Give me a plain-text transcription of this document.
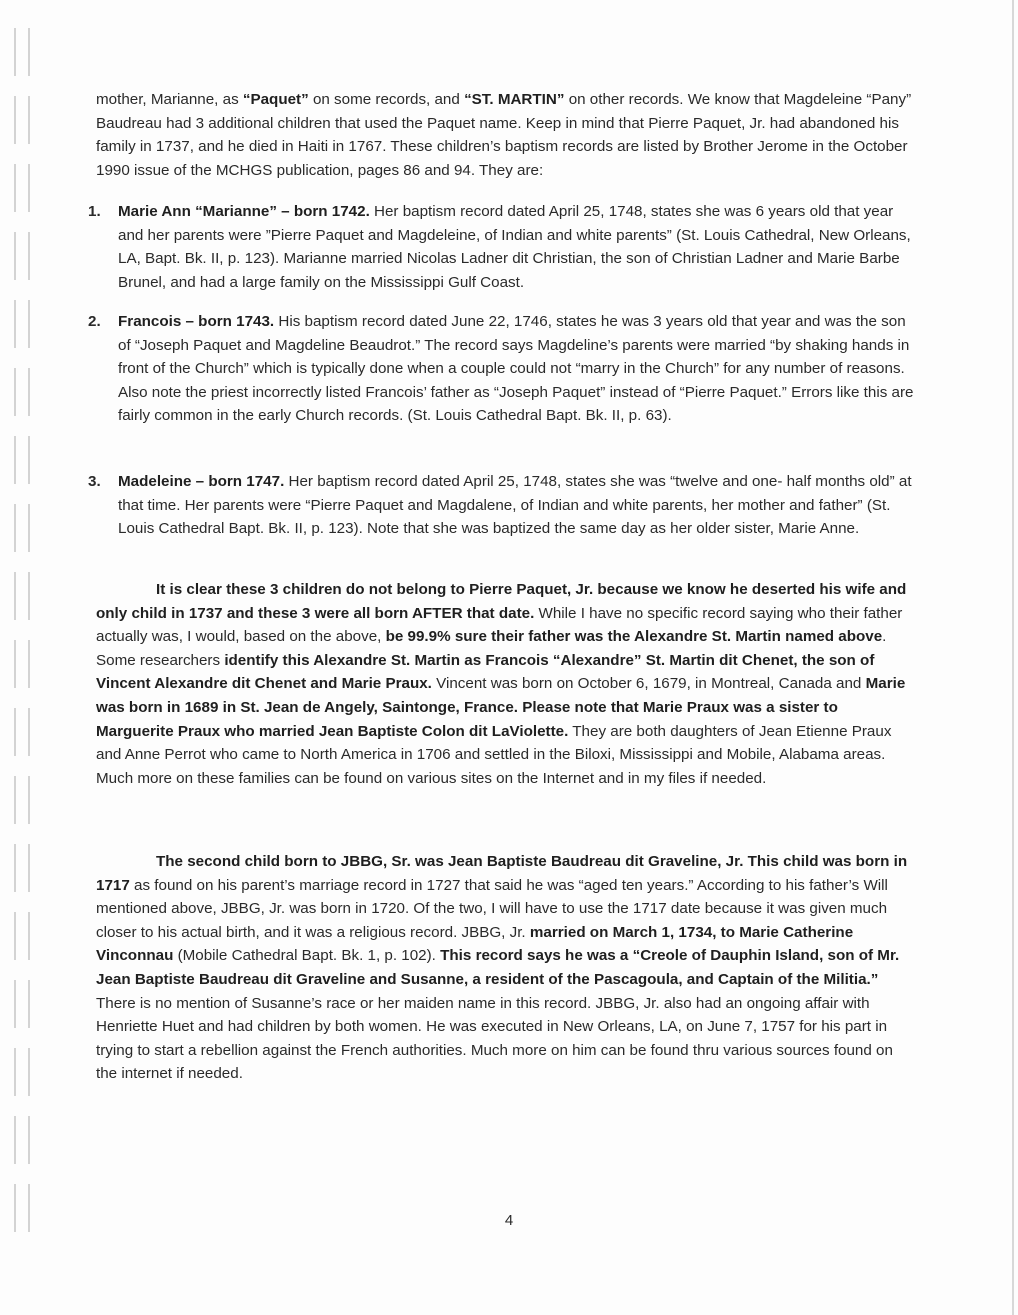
mother, Marianne, as “Paquet” on some records, and “ST. MARTIN” on other records. We know that Magdeleine “Pany” Baudreau had 3 additional children that used the Paquet name. Keep in mind that Pierre Paquet, Jr. had abandoned his family in 1737, and he died in Haiti in 1767. These children’s baptism records are listed by Brother Jerome in the October 1990 issue of the MCHGS publication, pages 86 and 94. They are:

1. Marie Ann “Marianne” – born 1742. Her baptism record dated April 25, 1748, states she was 6 years old that year and her parents were ”Pierre Paquet and Magdeleine, of Indian and white parents” (St. Louis Cathedral, New Orleans, LA, Bapt. Bk. II, p. 123). Marianne married Nicolas Ladner dit Christian, the son of Christian Ladner and Marie Barbe Brunel, and had a large family on the Mississippi Gulf Coast.
2. Francois – born 1743. His baptism record dated June 22, 1746, states he was 3 years old that year and was the son of “Joseph Paquet and Magdeline Beaudrot.” The record says Magdeline’s parents were married “by shaking hands in front of the Church” which is typically done when a couple could not “marry in the Church” for any number of reasons. Also note the priest incorrectly listed Francois’ father as “Joseph Paquet” instead of “Pierre Paquet.” Errors like this are fairly common in the early Church records. (St. Louis Cathedral Bapt. Bk. II, p. 63).
3. Madeleine – born 1747. Her baptism record dated April 25, 1748, states she was “twelve and one- half months old” at that time. Her parents were “Pierre Paquet and Magdalene, of Indian and white parents, her mother and father” (St. Louis Cathedral Bapt. Bk. II, p. 123). Note that she was baptized the same day as her older sister, Marie Anne.

It is clear these 3 children do not belong to Pierre Paquet, Jr. because we know he deserted his wife and only child in 1737 and these 3 were all born AFTER that date. While I have no specific record saying who their father actually was, I would, based on the above, be 99.9% sure their father was the Alexandre St. Martin named above. Some researchers identify this Alexandre St. Martin as Francois “Alexandre” St. Martin dit Chenet, the son of Vincent Alexandre dit Chenet and Marie Praux. Vincent was born on October 6, 1679, in Montreal, Canada and Marie was born in 1689 in St. Jean de Angely, Saintonge, France. Please note that Marie Praux was a sister to Marguerite Praux who married Jean Baptiste Colon dit LaViolette. They are both daughters of Jean Etienne Praux and Anne Perrot who came to North America in 1706 and settled in the Biloxi, Mississippi and Mobile, Alabama areas. Much more on these families can be found on various sites on the Internet and in my files if needed.

The second child born to JBBG, Sr. was Jean Baptiste Baudreau dit Graveline, Jr. This child was born in 1717 as found on his parent’s marriage record in 1727 that said he was “aged ten years.” According to his father’s Will mentioned above, JBBG, Jr. was born in 1720. Of the two, I will have to use the 1717 date because it was given much closer to his actual birth, and it was a religious record. JBBG, Jr. married on March 1, 1734, to Marie Catherine Vinconnau (Mobile Cathedral Bapt. Bk. 1, p. 102). This record says he was a “Creole of Dauphin Island, son of Mr. Jean Baptiste Baudreau dit Graveline and Susanne, a resident of the Pascagoula, and Captain of the Militia.” There is no mention of Susanne’s race or her maiden name in this record. JBBG, Jr. also had an ongoing affair with Henriette Huet and had children by both women. He was executed in New Orleans, LA, on June 7, 1757 for his part in trying to start a rebellion against the French authorities. Much more on him can be found thru various sources found on the internet if needed.

4
